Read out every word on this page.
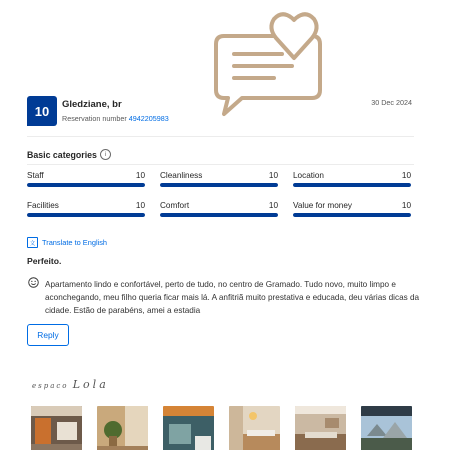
10	Gledziane, br
Reservation number 4942205983
30 Dec 2024
Basic categories	i
Staff	10 Cleanliness	10 Location	10
Facilities	10 Comfort	10 Value for money	10
文 Translate to English
Perfeito.
Apartamento lindo e confortável, perto de tudo, no centro de Gramado. Tudo novo, muito limpo e aconchegando, meu filho queria ficar mais lá. A anfitriã muito prestativa e educada, deu várias dicas da cidade. Estão de parabéns, amei a estadia
Reply
espaco Lola
